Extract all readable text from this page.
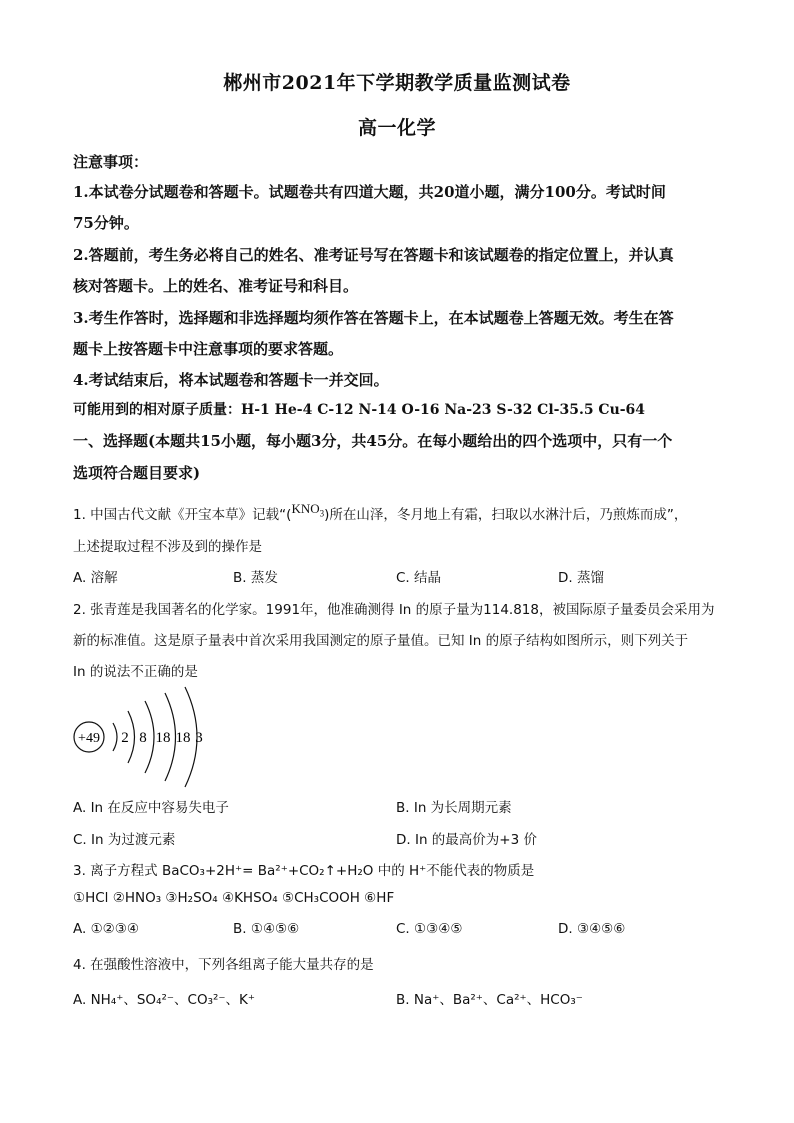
郴州市2021年下学期教学质量监测试卷
高一化学
注意事项：
1.本试卷分试题卷和答题卡。试题卷共有四道大题，共20道小题，满分100分。考试时间
75分钟。
2.答题前，考生务必将自己的姓名、准考证号写在答题卡和该试题卷的指定位置上，并认真
核对答题卡。上的姓名、准考证号和科目。
3.考生作答时，选择题和非选择题均须作答在答题卡上，在本试题卷上答题无效。考生在答
题卡上按答题卡中注意事项的要求答题。
4.考试结束后，将本试题卷和答题卡一并交回。
可能用到的相对原子质量：H-1 He-4 C-12 N-14 O-16 Na-23 S-32 Cl-35.5 Cu-64
一、选择题(本题共15小题，每小题3分，共45分。在每小题给出的四个选项中，只有一个
选项符合题目要求)
1. 中国古代文献《开宝本草》记载“$(KNO_3)$所在山泽，冬月地上有霜，扫取以水淋汁后，乃煎炼而成”，
上述提取过程不涉及到的操作是
A. 溶解	B. 蒸发	C. 结晶	D. 蒸馏
2. 张青莲是我国著名的化学家。1991年，他准确测得 In 的原子量为114.818，被国际原子量委员会采用为
新的标准值。这是原子量表中首次采用我国测定的原子量值。已知 In 的原子结构如图所示，则下列关于
In 的说法不正确的是
+49 2 8 18 18 3
A. In 在反应中容易失电子	B. In 为长周期元素
C. In 为过渡元素	D. In 的最高价为+3 价
3. 离子方程式 BaCO₃+2H⁺= Ba²⁺+CO₂↑+H₂O 中的 H⁺不能代表的物质是
①HCl ②HNO₃ ③H₂SO₄ ④KHSO₄ ⑤CH₃COOH ⑥HF
A. ①②③④	B. ①④⑤⑥	C. ①③④⑤	D. ③④⑤⑥
4. 在强酸性溶液中，下列各组离子能大量共存的是
A. NH₄⁺、SO₄²⁻、CO₃²⁻、K⁺	B. Na⁺、Ba²⁺、Ca²⁺、HCO₃⁻
